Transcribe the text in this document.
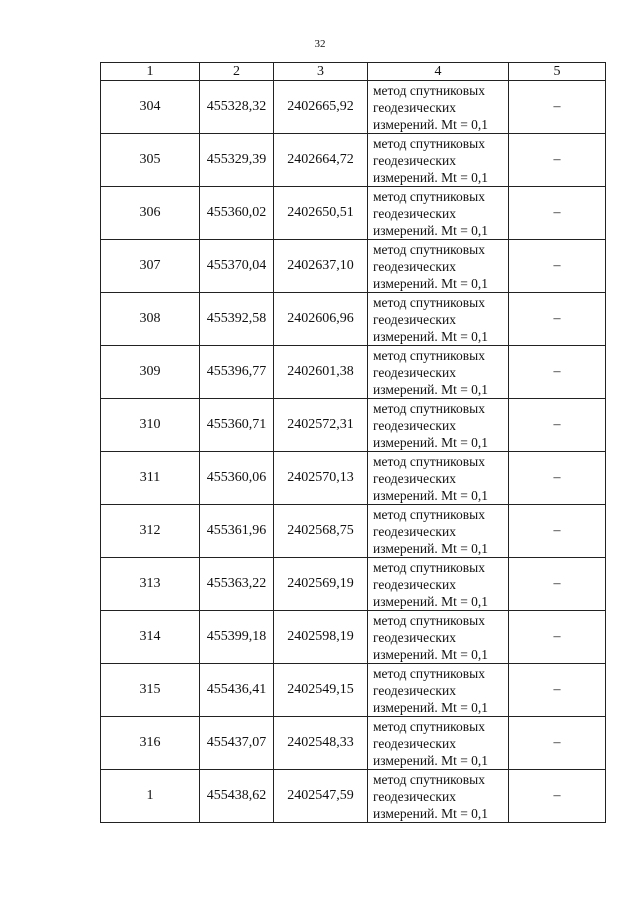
32
1	2	3	4	5
304	455328,32	2402665,92	метод спутниковых
геодезических
измерений. Mt = 0,1	–
305	455329,39	2402664,72	метод спутниковых
геодезических
измерений. Mt = 0,1	–
306	455360,02	2402650,51	метод спутниковых
геодезических
измерений. Mt = 0,1	–
307	455370,04	2402637,10	метод спутниковых
геодезических
измерений. Mt = 0,1	–
308	455392,58	2402606,96	метод спутниковых
геодезических
измерений. Mt = 0,1	–
309	455396,77	2402601,38	метод спутниковых
геодезических
измерений. Mt = 0,1	–
310	455360,71	2402572,31	метод спутниковых
геодезических
измерений. Mt = 0,1	–
311	455360,06	2402570,13	метод спутниковых
геодезических
измерений. Mt = 0,1	–
312	455361,96	2402568,75	метод спутниковых
геодезических
измерений. Mt = 0,1	–
313	455363,22	2402569,19	метод спутниковых
геодезических
измерений. Mt = 0,1	–
314	455399,18	2402598,19	метод спутниковых
геодезических
измерений. Mt = 0,1	–
315	455436,41	2402549,15	метод спутниковых
геодезических
измерений. Mt = 0,1	–
316	455437,07	2402548,33	метод спутниковых
геодезических
измерений. Mt = 0,1	–
1	455438,62	2402547,59	метод спутниковых
геодезических
измерений. Mt = 0,1	–
